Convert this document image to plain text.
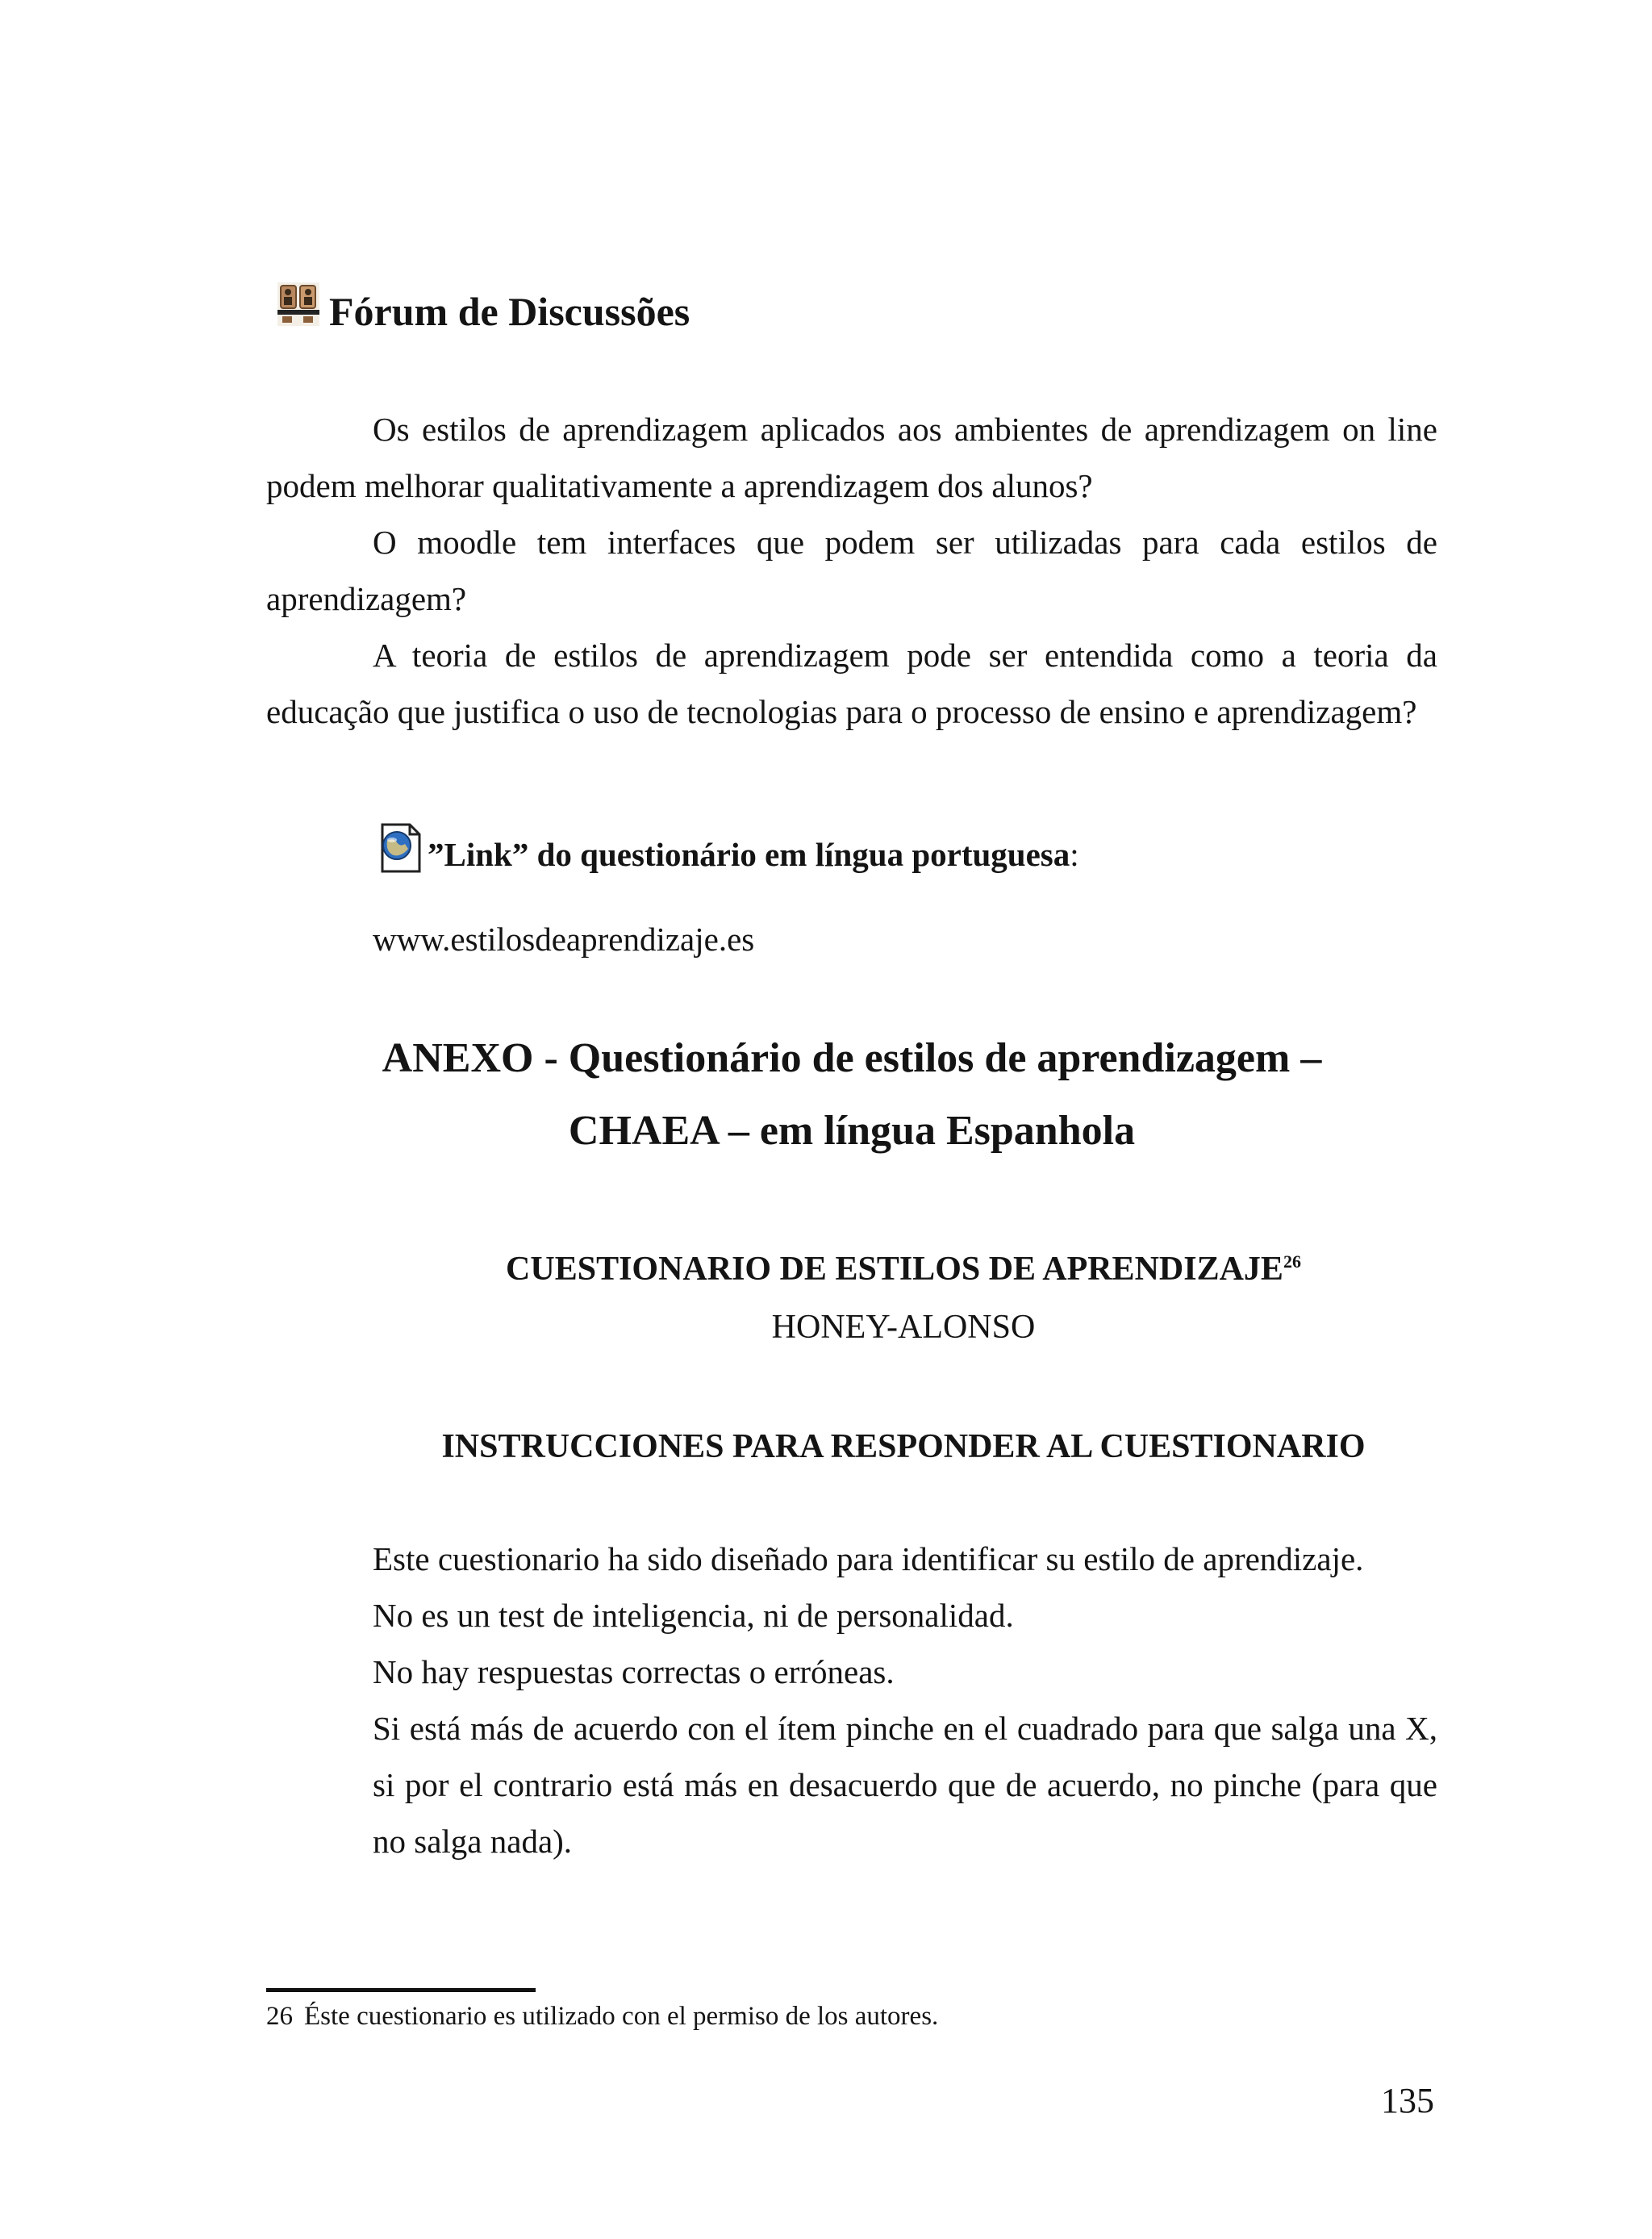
Fórum de Discussões

Os estilos de aprendizagem aplicados aos ambientes de aprendizagem on line podem melhorar qualitativamente a aprendizagem dos alunos?

O moodle tem interfaces que podem ser utilizadas para cada estilos de aprendizagem?

A teoria de estilos de aprendizagem pode ser entendida como a teoria da educação que justifica o uso de tecnologias para o processo de ensino e aprendizagem?

”Link” do questionário em língua portuguesa:
www.estilosdeaprendizaje.es
ANEXO - Questionário de estilos de aprendizagem –
CHAEA – em língua Espanhola
CUESTIONARIO DE ESTILOS DE APRENDIZAJE$^{26}$
HONEY-ALONSO
INSTRUCCIONES PARA RESPONDER AL CUESTIONARIO

Este cuestionario ha sido diseñado para identificar su estilo de aprendizaje.

No es un test de inteligencia, ni de personalidad.

No hay respuestas correctas o erróneas.

Si está más de acuerdo con el ítem pinche en el cuadrado para que salga una X, si por el contrario está más en desacuerdo que de acuerdo, no pinche (para que no salga nada).

26 Éste cuestionario es utilizado con el permiso de los autores.
135
